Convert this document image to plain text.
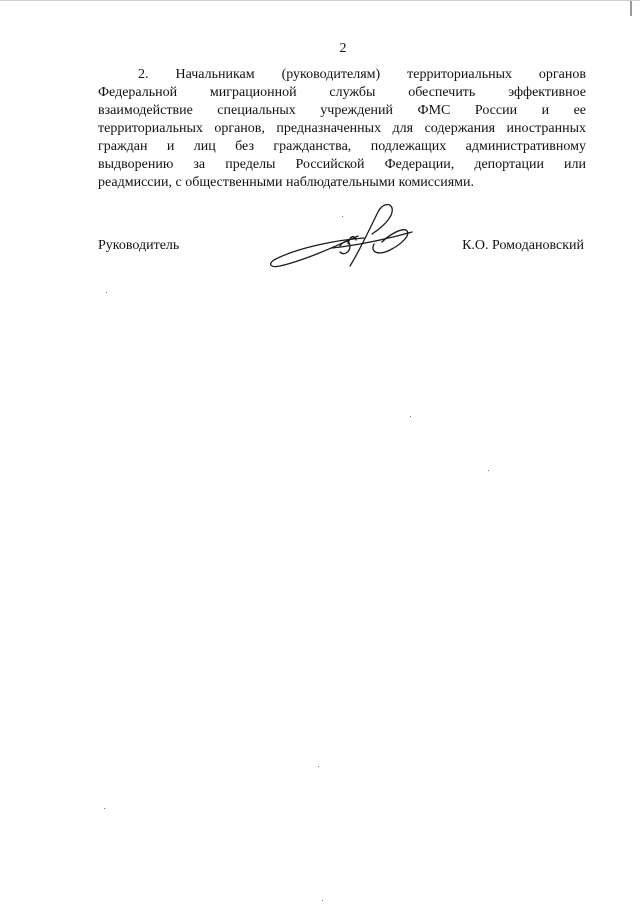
2
2. Начальникам (руководителям) территориальных органов
Федеральной миграционной службы обеспечить эффективное
взаимодействие специальных учреждений ФМС России и ее
территориальных органов, предназначенных для содержания иностранных
граждан и лиц без гражданства, подлежащих административному
выдворению за пределы Российской Федерации, депортации или
реадмиссии, с общественными наблюдательными комиссиями.
Руководитель	К.О. Ромодановский
